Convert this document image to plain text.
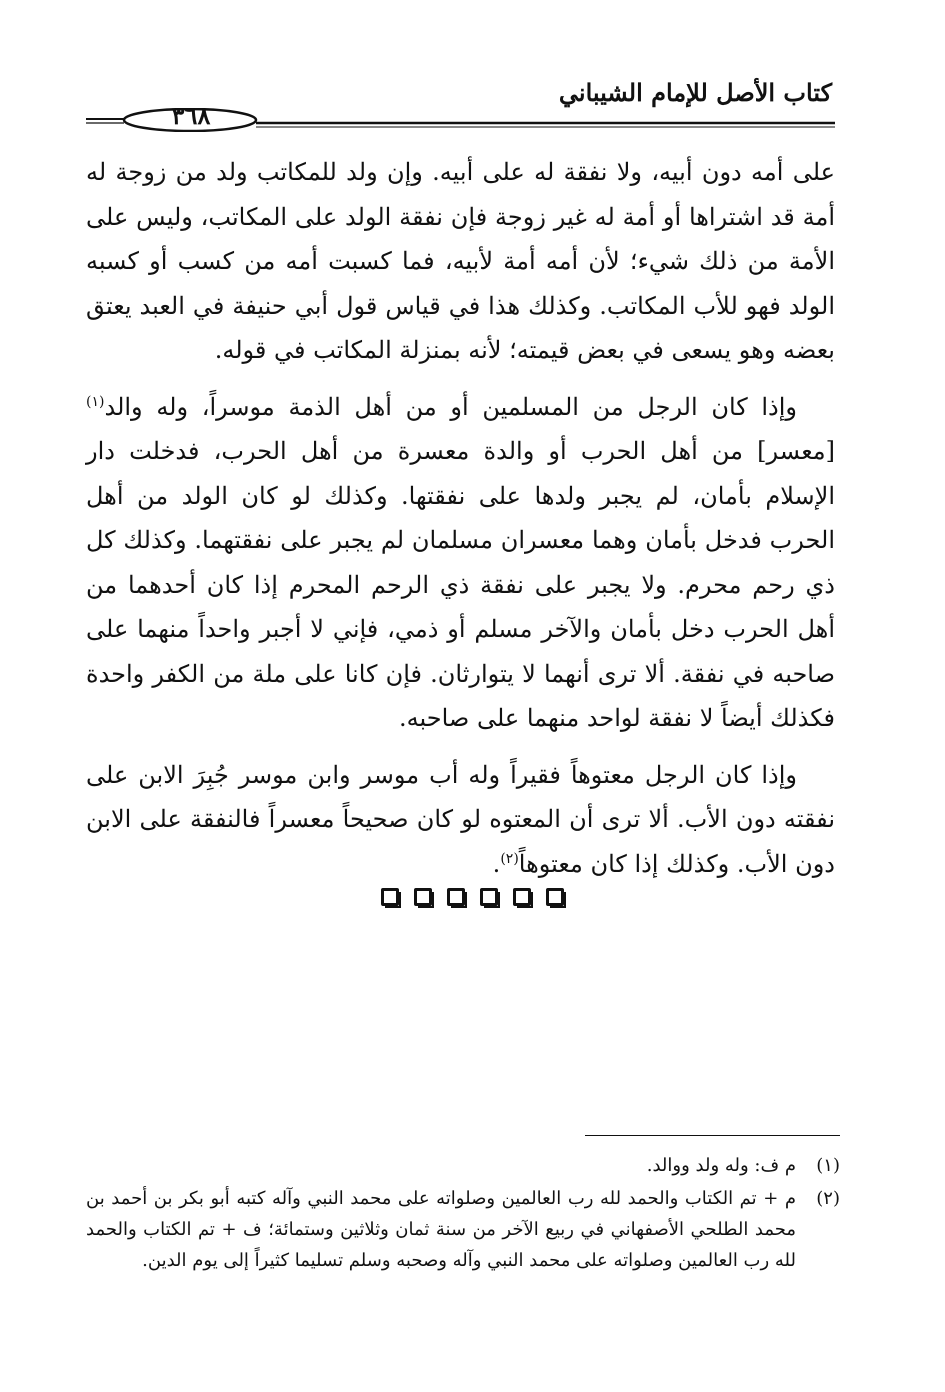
كتاب الأصل للإمام الشيباني
٣٦٨

على أمه دون أبيه، ولا نفقة له على أبيه. وإن ولد للمكاتب ولد من زوجة له أمة قد اشتراها أو أمة له غير زوجة فإن نفقة الولد على المكاتب، وليس على الأمة من ذلك شيء؛ لأن أمه أمة لأبيه، فما كسبت أمه من كسب أو كسبه الولد فهو للأب المكاتب. وكذلك هذا في قياس قول أبي حنيفة في العبد يعتق بعضه وهو يسعى في بعض قيمته؛ لأنه بمنزلة المكاتب في قوله.

وإذا كان الرجل من المسلمين أو من أهل الذمة موسراً، وله والد$^{(١)}$ [معسر] من أهل الحرب أو والدة معسرة من أهل الحرب، فدخلت دار الإسلام بأمان، لم يجبر ولدها على نفقتها. وكذلك لو كان الولد من أهل الحرب فدخل بأمان وهما معسران مسلمان لم يجبر على نفقتهما. وكذلك كل ذي رحم محرم. ولا يجبر على نفقة ذي الرحم المحرم إذا كان أحدهما من أهل الحرب دخل بأمان والآخر مسلم أو ذمي، فإني لا أجبر واحداً منهما على صاحبه في نفقة. ألا ترى أنهما لا يتوارثان. فإن كانا على ملة من الكفر واحدة فكذلك أيضاً لا نفقة لواحد منهما على صاحبه.

وإذا كان الرجل معتوهاً فقيراً وله أب موسر وابن موسر جُبِرَ الابن على نفقته دون الأب. ألا ترى أن المعتوه لو كان صحيحاً معسراً فالنفقة على الابن دون الأب. وكذلك إذا كان معتوهاً$^{(٢)}$.

(١)
م ف: وله ولد ووالد.
(٢)
م + تم الكتاب والحمد لله رب العالمين وصلواته على محمد النبي وآله كتبه أبو بكر بن أحمد بن محمد الطلحي الأصفهاني في ربيع الآخر من سنة ثمان وثلاثين وستمائة؛ ف + تم الكتاب والحمد لله رب العالمين وصلواته على محمد النبي وآله وصحبه وسلم تسليما كثيراً إلى يوم الدين.
